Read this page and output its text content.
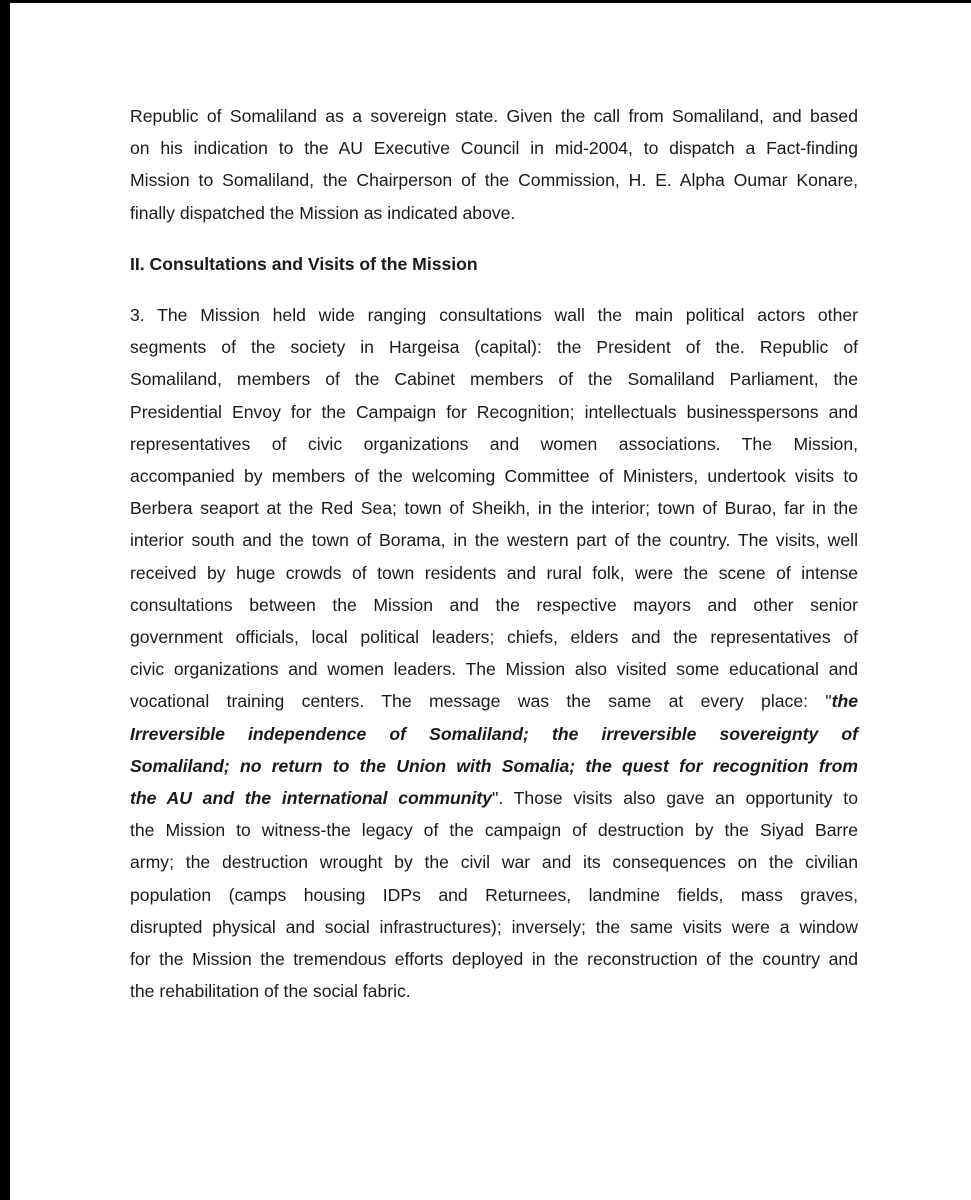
Republic of Somaliland as a sovereign state. Given the call from Somaliland, and based
on his indication to the AU Executive Council in mid-2004, to dispatch a Fact-finding
Mission to Somaliland, the Chairperson of the Commission, H. E. Alpha Oumar Konare,
finally dispatched the Mission as indicated above.

II. Consultations and Visits of the Mission

3. The Mission held wide ranging consultations wall the main political actors other
segments of the society in Hargeisa (capital): the President of the. Republic of
Somaliland, members of the Cabinet members of the Somaliland Parliament, the
Presidential Envoy for the Campaign for Recognition; intellectuals businesspersons and
representatives of civic organizations and women associations. The Mission,
accompanied by members of the welcoming Committee of Ministers, undertook visits to
Berbera seaport at the Red Sea; town of Sheikh, in the interior; town of Burao, far in the
interior south and the town of Borama, in the western part of the country. The visits, well
received by huge crowds of town residents and rural folk, were the scene of intense
consultations between the Mission and the respective mayors and other senior
government officials, local political leaders; chiefs, elders and the representatives of
civic organizations and women leaders. The Mission also visited some educational and
vocational training centers. The message was the same at every place: "the
Irreversible independence of Somaliland; the irreversible sovereignty of
Somaliland; no return to the Union with Somalia; the quest for recognition from
the AU and the international community". Those visits also gave an opportunity to
the Mission to witness-the legacy of the campaign of destruction by the Siyad Barre
army; the destruction wrought by the civil war and its consequences on the civilian
population (camps housing IDPs and Returnees, landmine fields, mass graves,
disrupted physical and social infrastructures); inversely; the same visits were a window
for the Mission the tremendous efforts deployed in the reconstruction of the country and
the rehabilitation of the social fabric.
